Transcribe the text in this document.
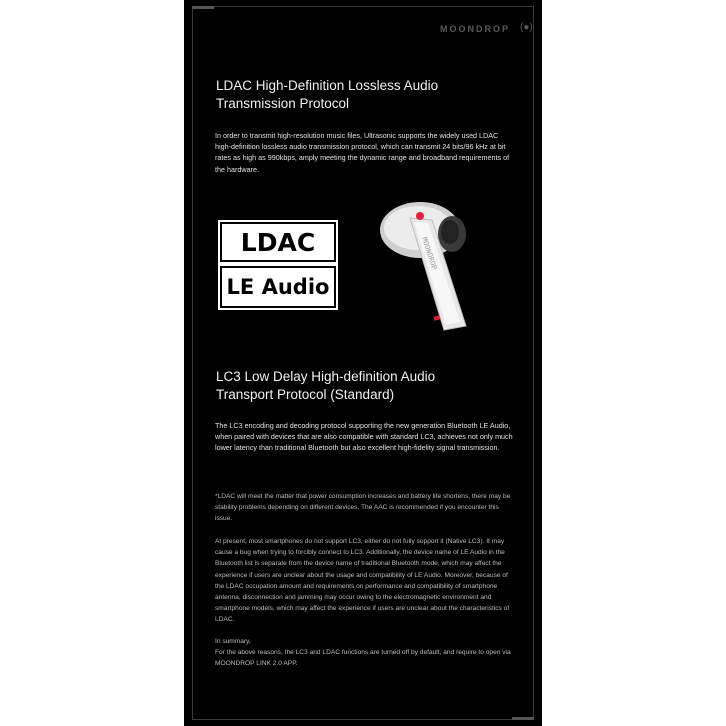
MOONDROP (●)
LDAC High-Definition Lossless Audio
Transmission Protocol

In order to transmit high-resolution music files, Ultrasonic supports the widely used LDAC high-definition lossless audio transmission protocol, which can transmit 24 bits/96 kHz at bit rates as high as 990kbps, amply meeting the dynamic range and broadband requirements of the hardware.

LDAC
LE Audio
MOONDROP
LC3 Low Delay High-definition Audio
Transport Protocol (Standard)

The LC3 encoding and decoding protocol supporting the new generation Bluetooth LE Audio, when paired with devices that are also compatible with standard LC3, achieves not only much lower latency than traditional Bluetooth but also excellent high-fidelity signal transmission.

*LDAC will meet the matter that power consumption increases and battery life shortens, there may be stability problems depending on different devices. The AAC is recommended if you encounter this issue.

At present, most smartphones do not support LC3, either do not fully support it (Native LC3). It may cause a bug when trying to forcibly connect to LC3. Additionally, the device name of LE Audio in the Bluetooth list is separate from the device name of traditional Bluetooth mode, which may affect the experience if users are unclear about the usage and compatibility of LE Audio. Moreover, because of the LDAC occupation amount and requirements on performance and compatibility of smartphone antenna, disconnection and jamming may occur owing to the electromagnetic environment and smartphone models, which may affect the experience if users are unclear about the characteristics of LDAC.

In summary,

For the above reasons, the LC3 and LDAC functions are turned off by default, and require to open via MOONDROP LINK 2.0 APP.
